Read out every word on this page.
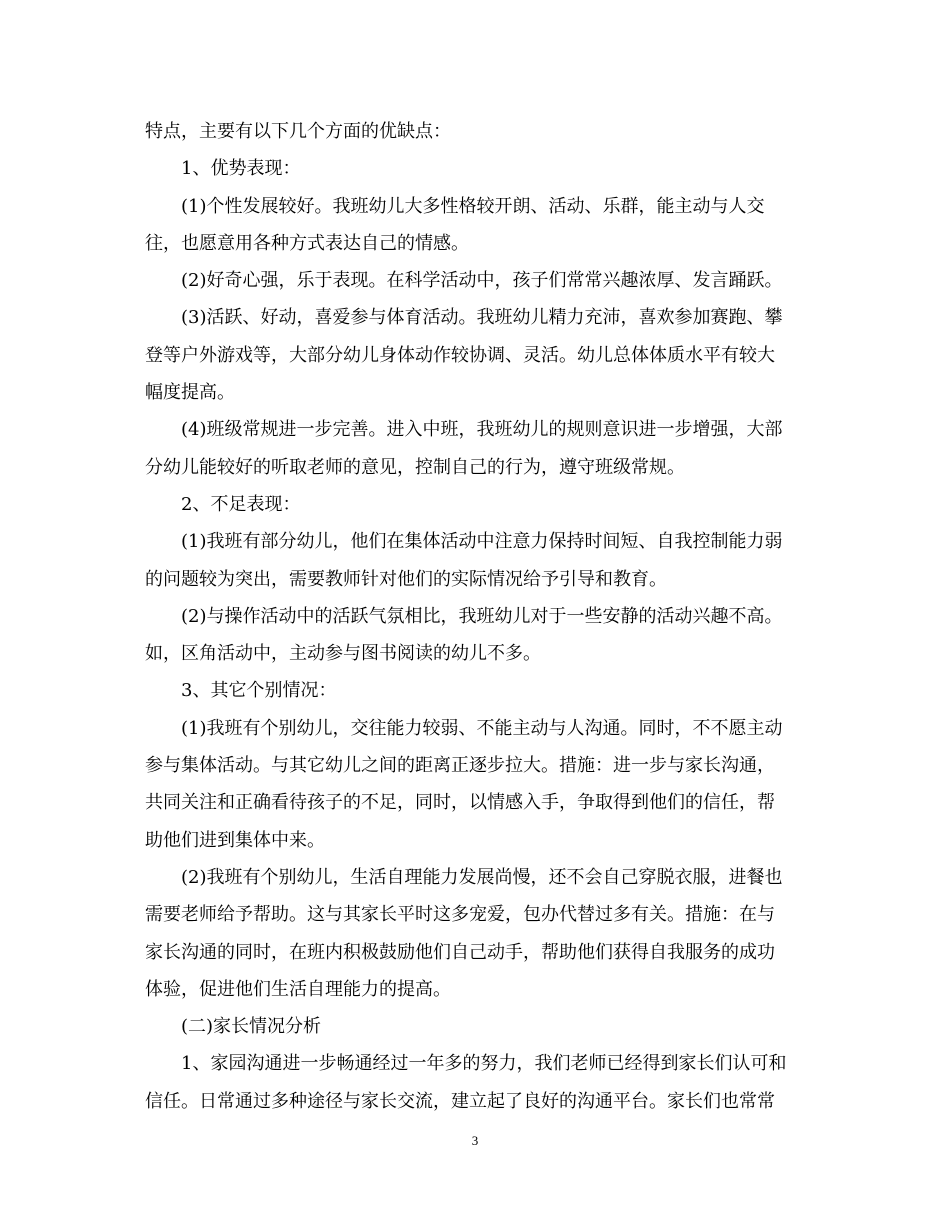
特点，主要有以下几个方面的优缺点：
1、优势表现：
(1)个性发展较好。我班幼儿大多性格较开朗、活动、乐群，能主动与人交
往，也愿意用各种方式表达自己的情感。
(2)好奇心强，乐于表现。在科学活动中，孩子们常常兴趣浓厚、发言踊跃。
(3)活跃、好动，喜爱参与体育活动。我班幼儿精力充沛，喜欢参加赛跑、攀
登等户外游戏等，大部分幼儿身体动作较协调、灵活。幼儿总体体质水平有较大
幅度提高。
(4)班级常规进一步完善。进入中班，我班幼儿的规则意识进一步增强，大部
分幼儿能较好的听取老师的意见，控制自己的行为，遵守班级常规。
2、不足表现：
(1)我班有部分幼儿，他们在集体活动中注意力保持时间短、自我控制能力弱
的问题较为突出，需要教师针对他们的实际情况给予引导和教育。
(2)与操作活动中的活跃气氛相比，我班幼儿对于一些安静的活动兴趣不高。
如，区角活动中，主动参与图书阅读的幼儿不多。
3、其它个别情况：
(1)我班有个别幼儿，交往能力较弱、不能主动与人沟通。同时，不不愿主动
参与集体活动。与其它幼儿之间的距离正逐步拉大。措施：进一步与家长沟通，
共同关注和正确看待孩子的不足，同时，以情感入手，争取得到他们的信任，帮
助他们进到集体中来。
(2)我班有个别幼儿，生活自理能力发展尚慢，还不会自己穿脱衣服，进餐也
需要老师给予帮助。这与其家长平时这多宠爱，包办代替过多有关。措施：在与
家长沟通的同时，在班内积极鼓励他们自己动手，帮助他们获得自我服务的成功
体验，促进他们生活自理能力的提高。
(二)家长情况分析
1、家园沟通进一步畅通经过一年多的努力，我们老师已经得到家长们认可和
信任。日常通过多种途径与家长交流，建立起了良好的沟通平台。家长们也常常
3
